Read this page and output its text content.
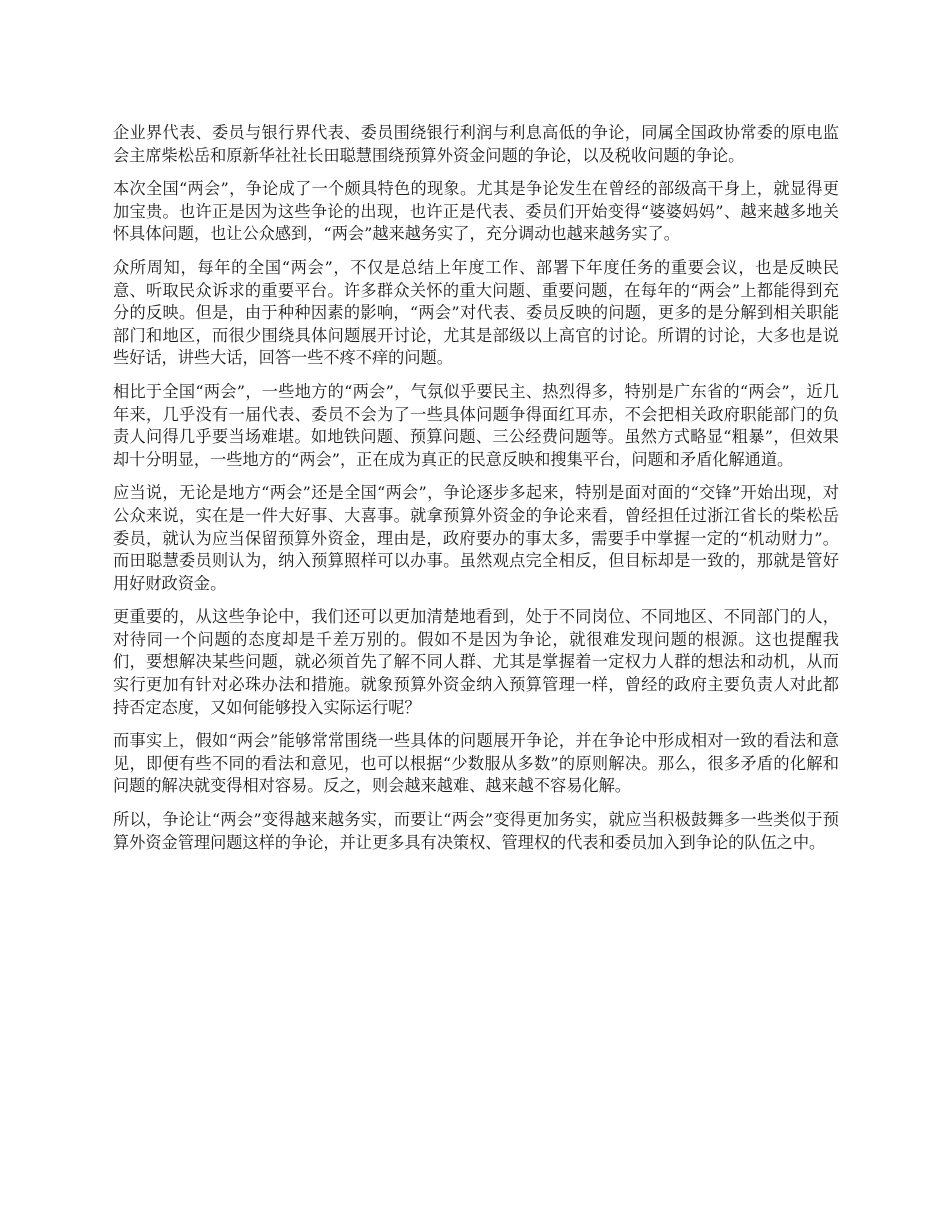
企业界代表、委员与银行界代表、委员围绕银行利润与利息高低的争论，同属全国政协常委的原电监会主席柴松岳和原新华社社长田聪慧围绕预算外资金问题的争论，以及税收问题的争论。

本次全国“两会”，争论成了一个颇具特色的现象。尤其是争论发生在曾经的部级高干身上，就显得更加宝贵。也许正是因为这些争论的出现，也许正是代表、委员们开始变得“婆婆妈妈”、越来越多地关怀具体问题，也让公众感到，“两会”越来越务实了，充分调动也越来越务实了。

众所周知，每年的全国“两会”，不仅是总结上年度工作、部署下年度任务的重要会议，也是反映民意、听取民众诉求的重要平台。许多群众关怀的重大问题、重要问题，在每年的“两会”上都能得到充分的反映。但是，由于种种因素的影响，“两会”对代表、委员反映的问题，更多的是分解到相关职能部门和地区，而很少围绕具体问题展开讨论，尤其是部级以上高官的讨论。所谓的讨论，大多也是说些好话，讲些大话，回答一些不疼不痒的问题。

相比于全国“两会”，一些地方的“两会”，气氛似乎要民主、热烈得多，特别是广东省的“两会”，近几年来，几乎没有一届代表、委员不会为了一些具体问题争得面红耳赤，不会把相关政府职能部门的负责人问得几乎要当场难堪。如地铁问题、预算问题、三公经费问题等。虽然方式略显“粗暴”，但效果却十分明显，一些地方的“两会”，正在成为真正的民意反映和搜集平台，问题和矛盾化解通道。

应当说，无论是地方“两会”还是全国“两会”，争论逐步多起来，特别是面对面的“交锋”开始出现，对公众来说，实在是一件大好事、大喜事。就拿预算外资金的争论来看，曾经担任过浙江省长的柴松岳委员，就认为应当保留预算外资金，理由是，政府要办的事太多，需要手中掌握一定的“机动财力”。而田聪慧委员则认为，纳入预算照样可以办事。虽然观点完全相反，但目标却是一致的，那就是管好用好财政资金。

更重要的，从这些争论中，我们还可以更加清楚地看到，处于不同岗位、不同地区、不同部门的人，对待同一个问题的态度却是千差万别的。假如不是因为争论，就很难发现问题的根源。这也提醒我们，要想解决某些问题，就必须首先了解不同人群、尤其是掌握着一定权力人群的想法和动机，从而实行更加有针对必珠办法和措施。就象预算外资金纳入预算管理一样，曾经的政府主要负责人对此都持否定态度，又如何能够投入实际运行呢？

而事实上，假如“两会”能够常常围绕一些具体的问题展开争论，并在争论中形成相对一致的看法和意见，即便有些不同的看法和意见，也可以根据“少数服从多数”的原则解决。那么，很多矛盾的化解和问题的解决就变得相对容易。反之，则会越来越难、越来越不容易化解。

所以，争论让“两会”变得越来越务实，而要让“两会”变得更加务实，就应当积极鼓舞多一些类似于预算外资金管理问题这样的争论，并让更多具有决策权、管理权的代表和委员加入到争论的队伍之中。
